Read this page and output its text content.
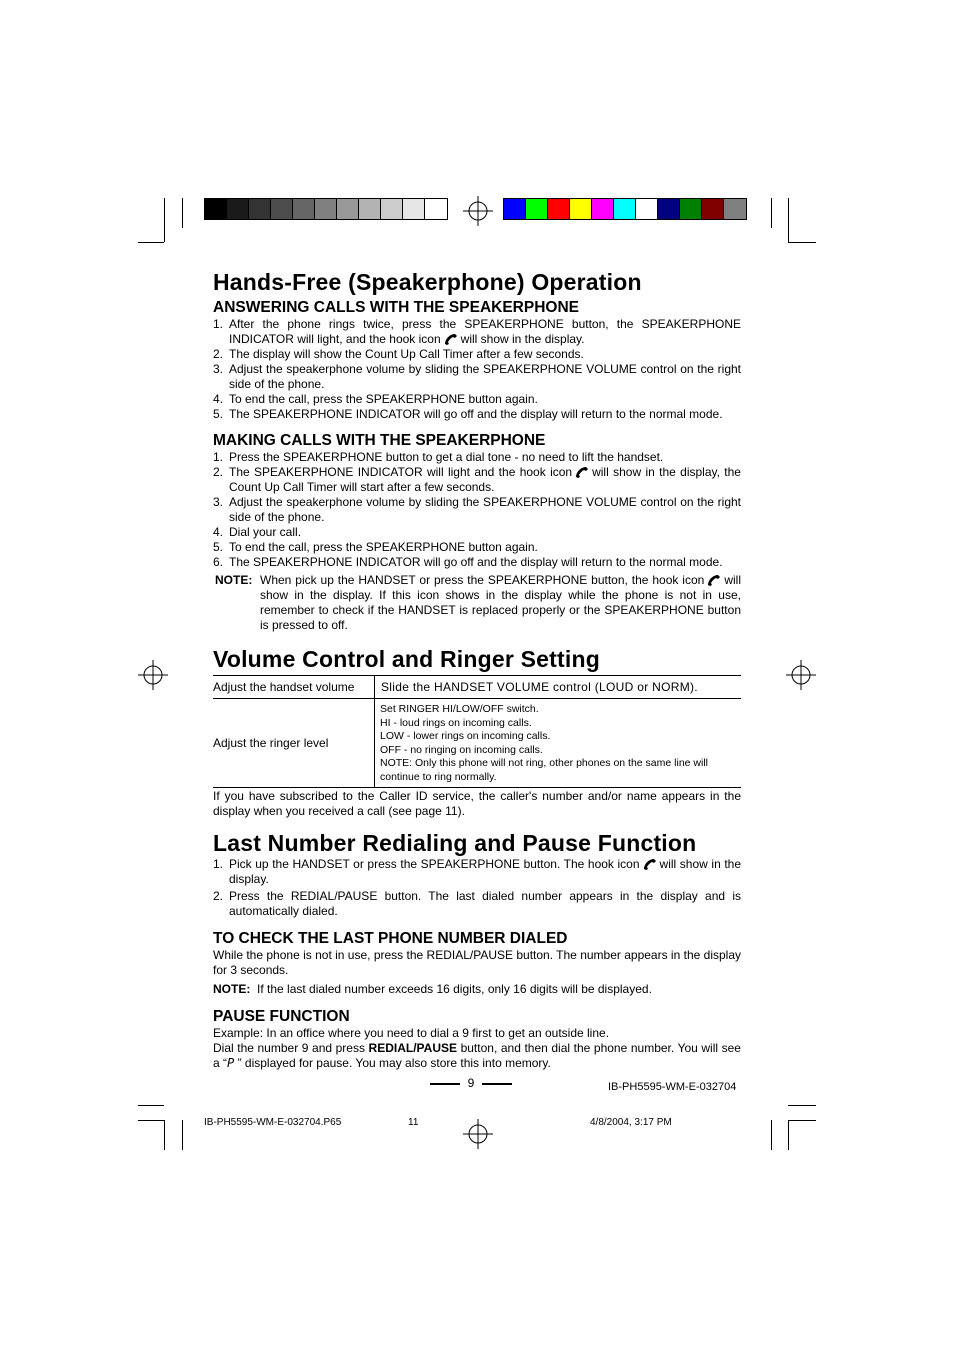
Hands-Free (Speakerphone) Operation
ANSWERING CALLS WITH THE SPEAKERPHONE
1. After the phone rings twice, press the SPEAKERPHONE button, the SPEAKERPHONE INDICATOR will light, and the hook icon will show in the display.
2. The display will show the Count Up Call Timer after a few seconds.
3. Adjust the speakerphone volume by sliding the SPEAKERPHONE VOLUME control on the right side of the phone.
4. To end the call, press the SPEAKERPHONE button again.
5. The SPEAKERPHONE INDICATOR will go off and the display will return to the normal mode.
MAKING CALLS WITH THE SPEAKERPHONE
1. Press the SPEAKERPHONE button to get a dial tone - no need to lift the handset.
2. The SPEAKERPHONE INDICATOR will light and the hook icon will show in the display, the Count Up Call Timer will start after a few seconds.
3. Adjust the speakerphone volume by sliding the SPEAKERPHONE VOLUME control on the right side of the phone.
4. Dial your call.
5. To end the call, press the SPEAKERPHONE button again.
6. The SPEAKERPHONE INDICATOR will go off and the display will return to the normal mode.
NOTE: When pick up the HANDSET or press the SPEAKERPHONE button, the hook icon will show in the display. If this icon shows in the display while the phone is not in use, remember to check if the HANDSET is replaced properly or the SPEAKERPHONE button is pressed to off.
Volume Control and Ringer Setting
Adjust the handset volume	Slide the HANDSET VOLUME control (LOUD or NORM).
Adjust the ringer level	Set RINGER HI/LOW/OFF switch.
HI - loud rings on incoming calls.
LOW - lower rings on incoming calls.
OFF - no ringing on incoming calls.
NOTE: Only this phone will not ring, other phones on the same line will continue to ring normally.

If you have subscribed to the Caller ID service, the caller's number and/or name appears in the display when you received a call (see page 11).

Last Number Redialing and Pause Function
1. Pick up the HANDSET or press the SPEAKERPHONE button. The hook icon will show in the display.
2. Press the REDIAL/PAUSE button. The last dialed number appears in the display and is automatically dialed.
TO CHECK THE LAST PHONE NUMBER DIALED

While the phone is not in use, press the REDIAL/PAUSE button. The number appears in the display for 3 seconds.

NOTE: If the last dialed number exceeds 16 digits, only 16 digits will be displayed.

PAUSE FUNCTION

Example: In an office where you need to dial a 9 first to get an outside line.

Dial the number 9 and press REDIAL/PAUSE button, and then dial the phone number. You will see a “P ” displayed for pause. You may also store this into memory.

9	IB-PH5595-WM-E-032704
IB-PH5595-WM-E-032704.P65	11	4/8/2004, 3:17 PM
